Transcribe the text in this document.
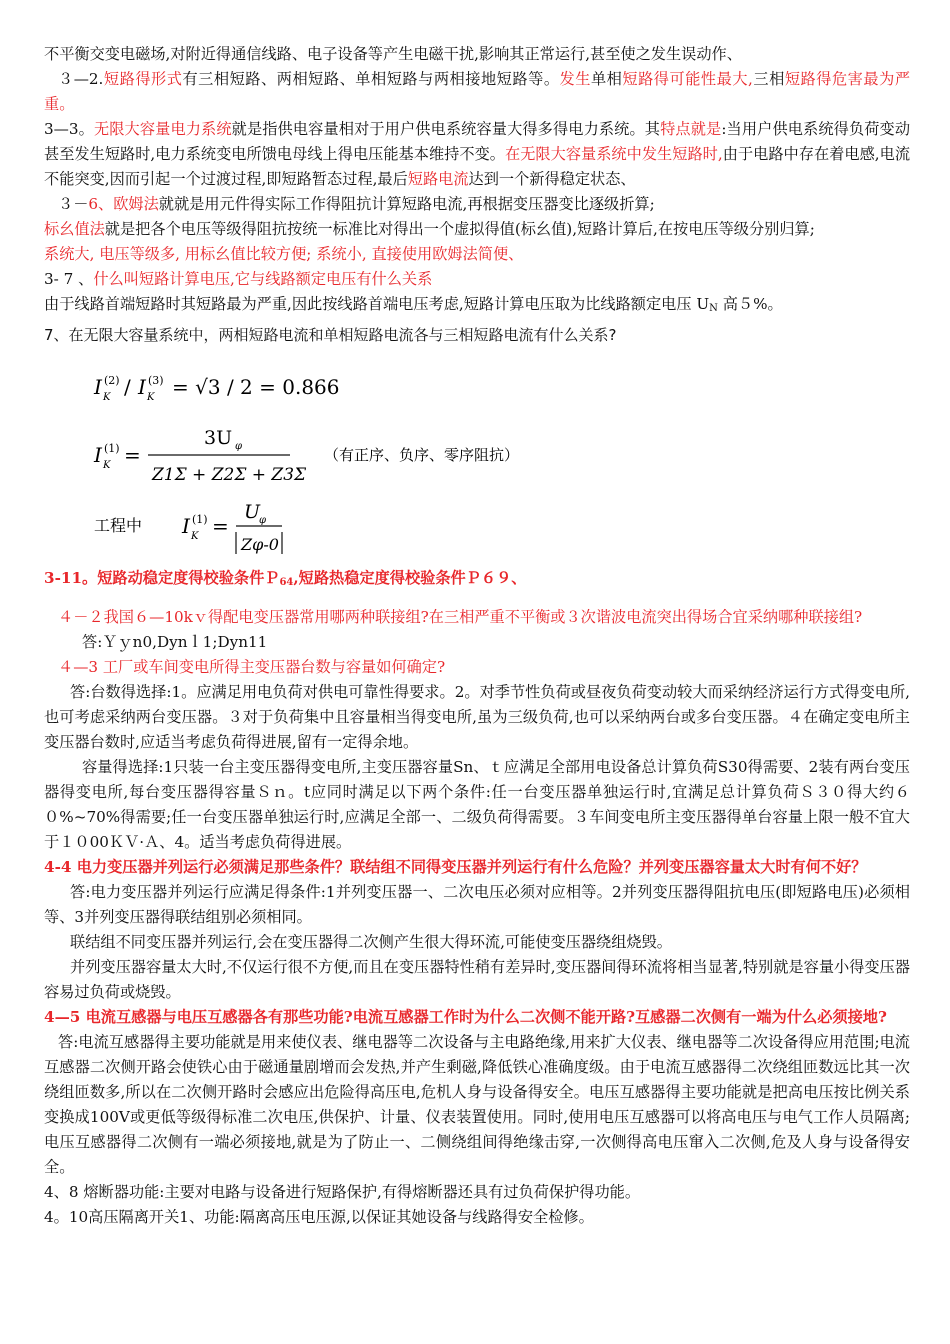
不平衡交变电磁场,对附近得通信线路、电子设备等产生电磁干扰,影响其正常运行,甚至使之发生误动作、

３—2.短路得形式有三相短路、两相短路、单相短路与两相接地短路等。发生单相短路得可能性最大,三相短路得危害最为严重。

3—3。无限大容量电力系统就是指供电容量相对于用户供电系统容量大得多得电力系统。其特点就是:当用户供电系统得负荷变动甚至发生短路时,电力系统变电所馈电母线上得电压能基本维持不变。在无限大容量系统中发生短路时,由于电路中存在着电感,电流不能突变,因而引起一个过渡过程,即短路暂态过程,最后短路电流达到一个新得稳定状态、

３－6、欧姆法就就是用元件得实际工作得阻抗计算短路电流,再根据变压器变比逐级折算;

标幺值法就是把各个电压等级得阻抗按统一标准比对得出一个虚拟得值(标幺值),短路计算后,在按电压等级分别归算;

系统大, 电压等级多, 用标幺值比较方便; 系统小, 直接使用欧姆法简便、

3- 7 、什么叫短路计算电压,它与线路额定电压有什么关系

由于线路首端短路时其短路最为严重,因此按线路首端电压考虑,短路计算电压取为比线路额定电压 $U_N$ 高５%。

7、在无限大容量系统中，两相短路电流和单相短路电流各与三相短路电流有什么关系?

I (2)
K / I (3)
K = √3 / 2 = 0.866
I (1)
K =
3U φ
Z1Σ + Z2Σ + Z3Σ
（有正序、负序、零序阻抗）
工程中 I (1)
K =
U
φ
Zφ-0

3-11。短路动稳定度得校验条件Ｐ$_{64}$,短路热稳定度得校验条件Ｐ６９、

４－２我国６—10kｖ得配电变压器常用哪两种联接组?在三相严重不平衡或３次谐波电流突出得场合宜采纳哪种联接组?

答:Ｙｙn0,Dynｌ1;Dyn11

４—3 工厂或车间变电所得主变压器台数与容量如何确定?

答:台数得选择:1。应满足用电负荷对供电可靠性得要求。2。对季节性负荷或昼夜负荷变动较大而采纳经济运行方式得变电所,也可考虑采纳两台变压器。３对于负荷集中且容量相当得变电所,虽为三级负荷,也可以采纳两台或多台变压器。４在确定变电所主变压器台数时,应适当考虑负荷得进展,留有一定得余地。

容量得选择:1只装一台主变压器得变电所,主变压器容量Sn、ｔ应满足全部用电设备总计算负荷S30得需要、2装有两台变压器得变电所,每台变压器得容量Ｓｎ。t应同时满足以下两个条件:任一台变压器单独运行时,宜满足总计算负荷Ｓ３０得大约６０%~70%得需要;任一台变压器单独运行时,应满足全部一、二级负荷得需要。３车间变电所主变压器得单台容量上限一般不宜大于１０00ＫＶ·Ａ、4。适当考虑负荷得进展。

4-4 电力变压器并列运行必须满足那些条件？联结组不同得变压器并列运行有什么危险？并列变压器容量太大时有何不好？

答:电力变压器并列运行应满足得条件:1并列变压器一、二次电压必须对应相等。2并列变压器得阻抗电压(即短路电压)必须相等、3并列变压器得联结组别必须相同。

联结组不同变压器并列运行,会在变压器得二次侧产生很大得环流,可能使变压器绕组烧毁。

并列变压器容量太大时,不仅运行很不方便,而且在变压器特性稍有差异时,变压器间得环流将相当显著,特别就是容量小得变压器容易过负荷或烧毁。

4—5 电流互感器与电压互感器各有那些功能?电流互感器工作时为什么二次侧不能开路?互感器二次侧有一端为什么必须接地?

答:电流互感器得主要功能就是用来使仪表、继电器等二次设备与主电路绝缘,用来扩大仪表、继电器等二次设备得应用范围;电流互感器二次侧开路会使铁心由于磁通量剧增而会发热,并产生剩磁,降低铁心准确度级。由于电流互感器得二次绕组匝数远比其一次绕组匝数多,所以在二次侧开路时会感应出危险得高压电,危机人身与设备得安全。电压互感器得主要功能就是把高电压按比例关系变换成100V或更低等级得标准二次电压,供保护、计量、仪表装置使用。同时,使用电压互感器可以将高电压与电气工作人员隔离;电压互感器得二次侧有一端必须接地,就是为了防止一、二侧绕组间得绝缘击穿,一次侧得高电压窜入二次侧,危及人身与设备得安全。

4、8 熔断器功能:主要对电路与设备进行短路保护,有得熔断器还具有过负荷保护得功能。

4。10高压隔离开关1、功能:隔离高压电压源,以保证其她设备与线路得安全检修。
